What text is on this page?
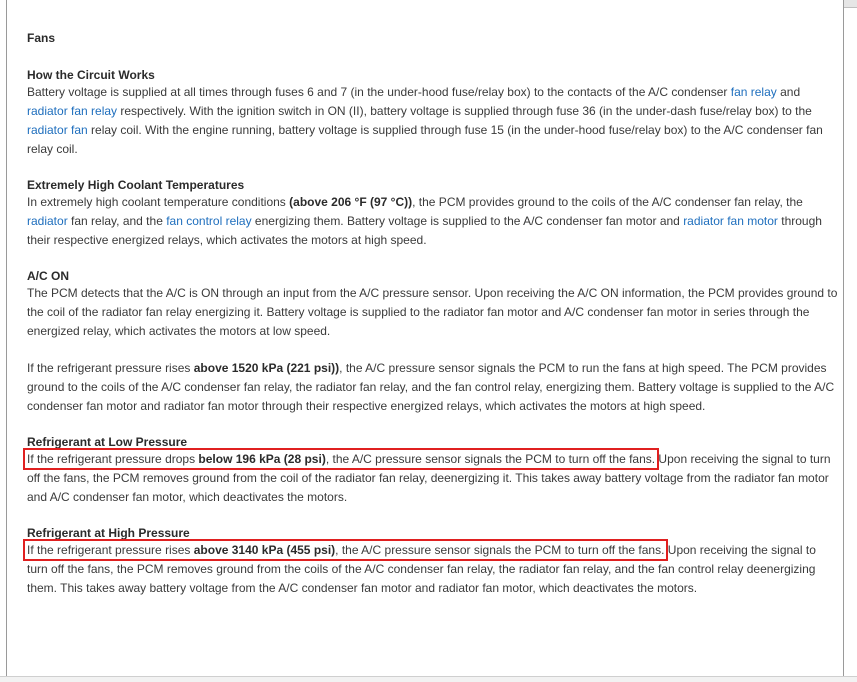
Fans

How the Circuit Works

Battery voltage is supplied at all times through fuses 6 and 7 (in the under-hood fuse/relay box) to the contacts of the A/C condenser fan relay and radiator fan relay respectively. With the ignition switch in ON (II), battery voltage is supplied through fuse 36 (in the under-dash fuse/relay box) to the radiator fan relay coil. With the engine running, battery voltage is supplied through fuse 15 (in the under-hood fuse/relay box) to the A/C condenser fan relay coil.

Extremely High Coolant Temperatures

In extremely high coolant temperature conditions (above 206 °F (97 °C)), the PCM provides ground to the coils of the A/C condenser fan relay, the radiator fan relay, and the fan control relay energizing them. Battery voltage is supplied to the A/C condenser fan motor and radiator fan motor through their respective energized relays, which activates the motors at high speed.

A/C ON

The PCM detects that the A/C is ON through an input from the A/C pressure sensor. Upon receiving the A/C ON information, the PCM provides ground to the coil of the radiator fan relay energizing it. Battery voltage is supplied to the radiator fan motor and A/C condenser fan motor in series through the energized relay, which activates the motors at low speed.

If the refrigerant pressure rises above 1520 kPa (221 psi)), the A/C pressure sensor signals the PCM to run the fans at high speed. The PCM provides ground to the coils of the A/C condenser fan relay, the radiator fan relay, and the fan control relay, energizing them. Battery voltage is supplied to the A/C condenser fan motor and radiator fan motor through their respective energized relays, which activates the motors at high speed.

Refrigerant at Low Pressure

If the refrigerant pressure drops below 196 kPa (28 psi), the A/C pressure sensor signals the PCM to turn off the fans. Upon receiving the signal to turn off the fans, the PCM removes ground from the coil of the radiator fan relay, deenergizing it. This takes away battery voltage from the radiator fan motor and A/C condenser fan motor, which deactivates the motors.

Refrigerant at High Pressure

If the refrigerant pressure rises above 3140 kPa (455 psi), the A/C pressure sensor signals the PCM to turn off the fans. Upon receiving the signal to turn off the fans, the PCM removes ground from the coils of the A/C condenser fan relay, the radiator fan relay, and the fan control relay deenergizing them. This takes away battery voltage from the A/C condenser fan motor and radiator fan motor, which deactivates the motors.
